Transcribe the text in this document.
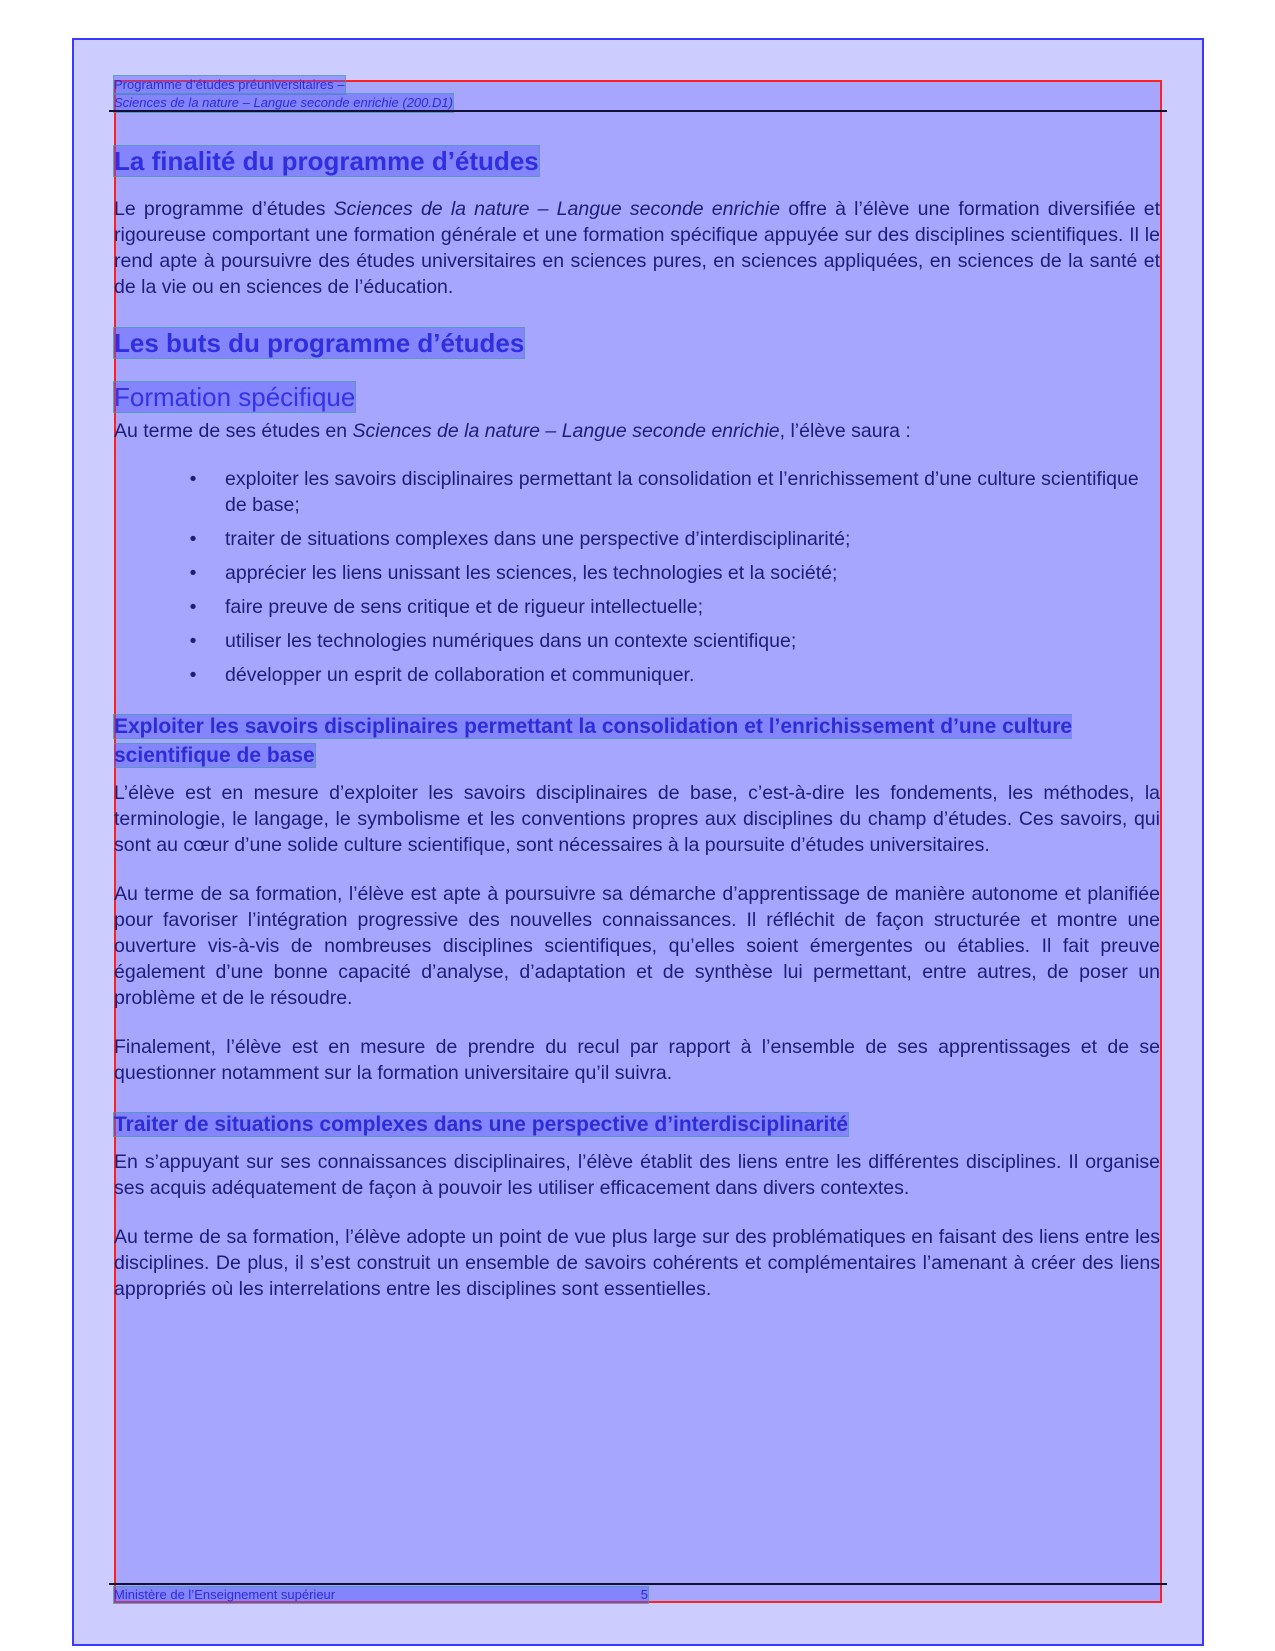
Programme d’études préuniversitaires –
Sciences de la nature – Langue seconde enrichie (200.D1)
La finalité du programme d’études

Le programme d’études Sciences de la nature – Langue seconde enrichie offre à l’élève une formation diversifiée et rigoureuse comportant une formation générale et une formation spécifique appuyée sur des disciplines scientifiques. Il le rend apte à poursuivre des études universitaires en sciences pures, en sciences appliquées, en sciences de la santé et de la vie ou en sciences de l’éducation.

Les buts du programme d’études
Formation spécifique

Au terme de ses études en Sciences de la nature – Langue seconde enrichie, l’élève saura :

• exploiter les savoirs disciplinaires permettant la consolidation et l’enrichissement d’une culture scientifique de base;
• traiter de situations complexes dans une perspective d’interdisciplinarité;
• apprécier les liens unissant les sciences, les technologies et la société;
• faire preuve de sens critique et de rigueur intellectuelle;
• utiliser les technologies numériques dans un contexte scientifique;
• développer un esprit de collaboration et communiquer.
Exploiter les savoirs disciplinaires permettant la consolidation et l’enrichissement d’une culture scientifique de base

L’élève est en mesure d’exploiter les savoirs disciplinaires de base, c’est-à-dire les fondements, les méthodes, la terminologie, le langage, le symbolisme et les conventions propres aux disciplines du champ d’études. Ces savoirs, qui sont au cœur d’une solide culture scientifique, sont nécessaires à la poursuite d’études universitaires.

Au terme de sa formation, l’élève est apte à poursuivre sa démarche d’apprentissage de manière autonome et planifiée pour favoriser l’intégration progressive des nouvelles connaissances. Il réfléchit de façon structurée et montre une ouverture vis-à-vis de nombreuses disciplines scientifiques, qu’elles soient émergentes ou établies. Il fait preuve également d’une bonne capacité d’analyse, d’adaptation et de synthèse lui permettant, entre autres, de poser un problème et de le résoudre.

Finalement, l’élève est en mesure de prendre du recul par rapport à l’ensemble de ses apprentissages et de se questionner notamment sur la formation universitaire qu’il suivra.

Traiter de situations complexes dans une perspective d’interdisciplinarité

En s’appuyant sur ses connaissances disciplinaires, l’élève établit des liens entre les différentes disciplines. Il organise ses acquis adéquatement de façon à pouvoir les utiliser efficacement dans divers contextes.

Au terme de sa formation, l’élève adopte un point de vue plus large sur des problématiques en faisant des liens entre les disciplines. De plus, il s’est construit un ensemble de savoirs cohérents et complémentaires l’amenant à créer des liens appropriés où les interrelations entre les disciplines sont essentielles.

Ministère de l’Enseignement supérieur	5
